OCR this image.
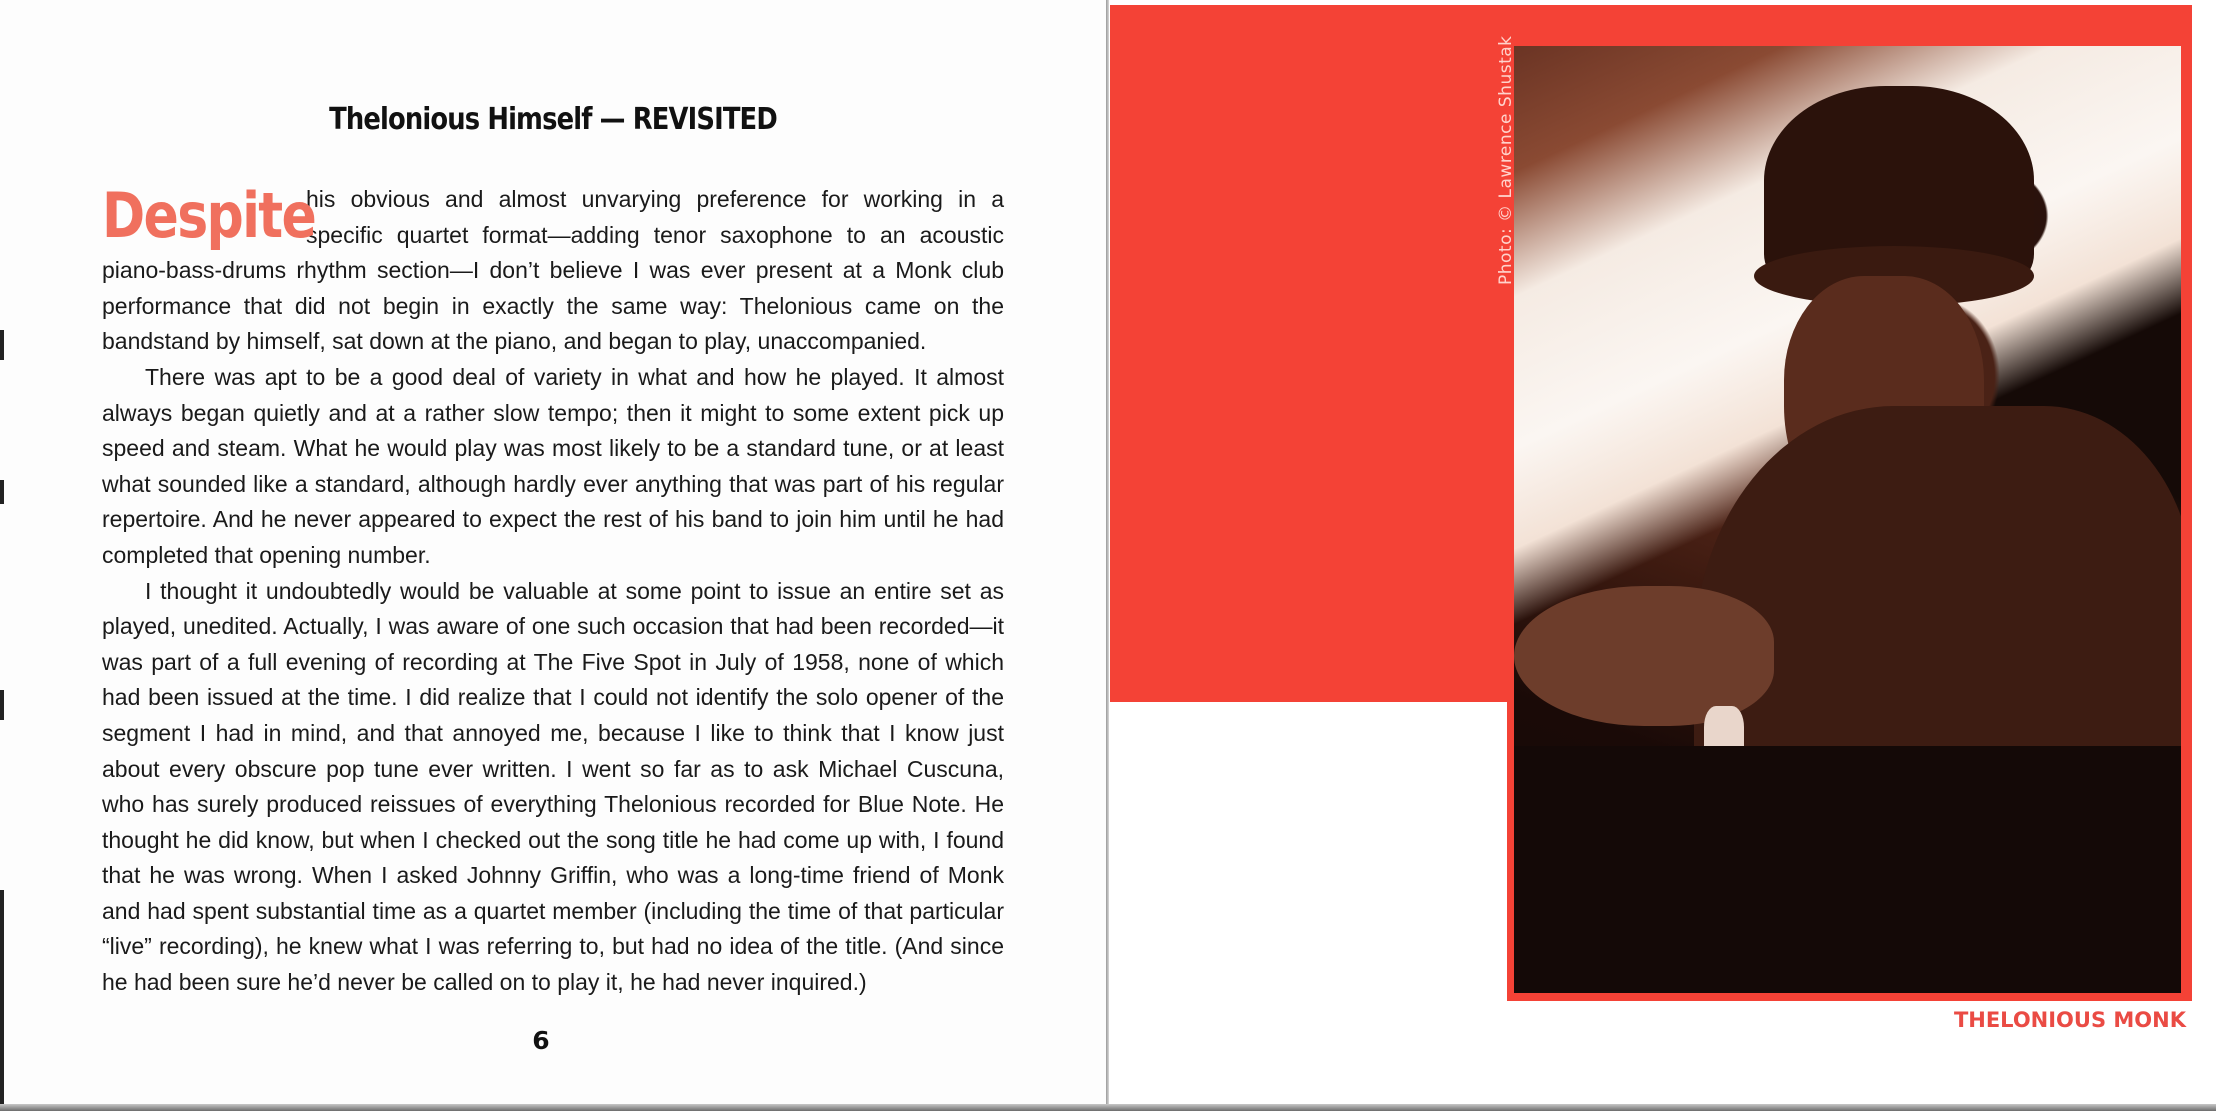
Thelonious Himself — REVISITED

Despite
his obvious and almost unvarying preference for working in a specific quartet format—adding tenor saxophone to an acoustic piano-bass-drums rhythm section—I don’t believe I was ever present at a Monk club performance that did not begin in exactly the same way: Thelonious came on the bandstand by himself, sat down at the piano, and began to play, unaccompanied.

There was apt to be a good deal of variety in what and how he played. It almost always began quietly and at a rather slow tempo; then it might to some extent pick up speed and steam. What he would play was most likely to be a standard tune, or at least what sounded like a standard, although hardly ever anything that was part of his regular repertoire. And he never appeared to expect the rest of his band to join him until he had completed that opening number.

I thought it undoubtedly would be valuable at some point to issue an entire set as played, unedited. Actually, I was aware of one such occasion that had been recorded—it was part of a full evening of recording at The Five Spot in July of 1958, none of which had been issued at the time. I did realize that I could not identify the solo opener of the segment I had in mind, and that annoyed me, because I like to think that I know just about every obscure pop tune ever written. I went so far as to ask Michael Cuscuna, who has surely produced reissues of everything Thelonious recorded for Blue Note. He thought he did know, but when I checked out the song title he had come up with, I found that he was wrong. When I asked Johnny Griffin, who was a long-time friend of Monk and had spent substantial time as a quartet member (including the time of that particular “live” recording), he knew what I was referring to, but had no idea of the title. (And since he had been sure he’d never be called on to play it, he had never inquired.)

6
Photo: © Lawrence Shustak
THELONIOUS MONK
